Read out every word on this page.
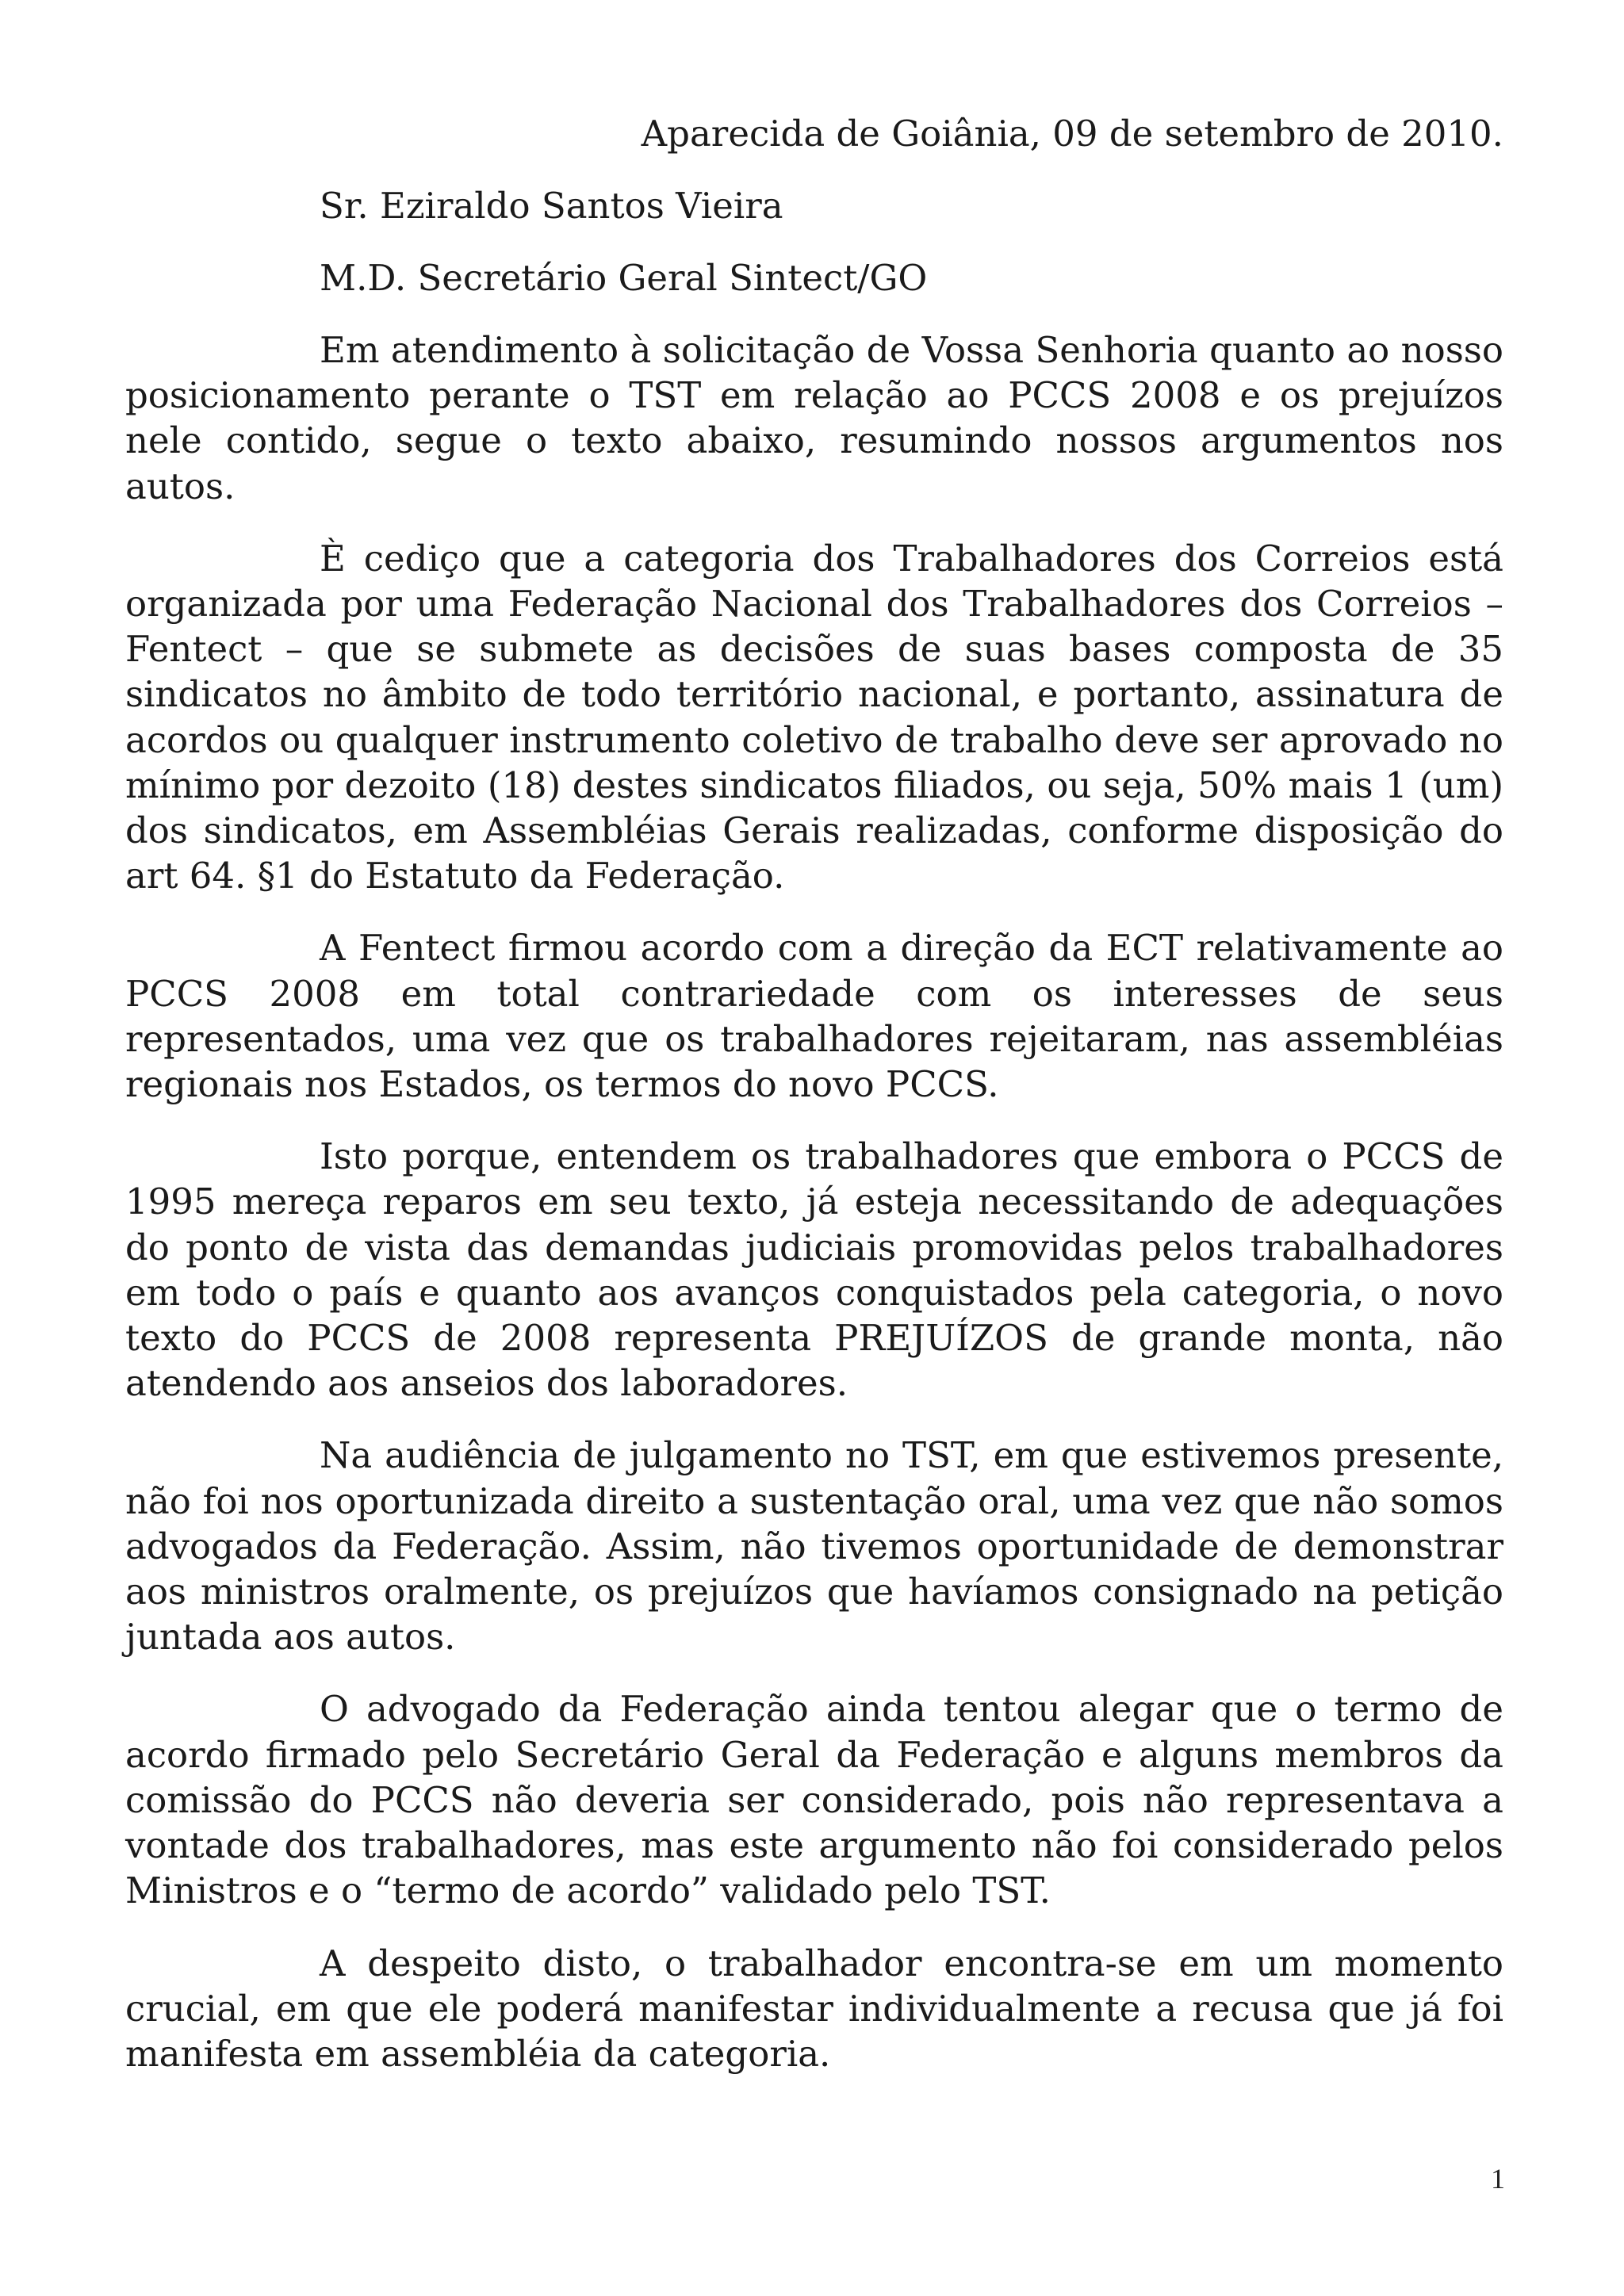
Aparecida de Goiânia, 09 de setembro de 2010.

Sr. Eziraldo Santos Vieira

M.D. Secretário Geral Sintect/GO

Em atendimento à solicitação de Vossa Senhoria quanto ao nosso posicionamento perante o TST em relação ao PCCS 2008 e os prejuízos nele contido, segue o texto abaixo, resumindo nossos argumentos nos autos.

È cediço que a categoria dos Trabalhadores dos Correios está organizada por uma Federação Nacional dos Trabalhadores dos Correios – Fentect – que se submete as decisões de suas bases composta de 35 sindicatos no âmbito de todo território nacional, e portanto, assinatura de acordos ou qualquer instrumento coletivo de trabalho deve ser aprovado no mínimo por dezoito (18) destes sindicatos filiados, ou seja, 50% mais 1 (um) dos sindicatos, em Assembléias Gerais realizadas, conforme disposição do art 64. §1 do Estatuto da Federação.

A Fentect firmou acordo com a direção da ECT relativamente ao PCCS 2008 em total contrariedade com os interesses de seus representados, uma vez que os trabalhadores rejeitaram, nas assembléias regionais nos Estados, os termos do novo PCCS.

Isto porque, entendem os trabalhadores que embora o PCCS de 1995 mereça reparos em seu texto, já esteja necessitando de adequações do ponto de vista das demandas judiciais promovidas pelos trabalhadores em todo o país e quanto aos avanços conquistados pela categoria, o novo texto do PCCS de 2008 representa PREJUÍZOS de grande monta, não atendendo aos anseios dos laboradores.

Na audiência de julgamento no TST, em que estivemos presente, não foi nos oportunizada direito a sustentação oral, uma vez que não somos advogados da Federação. Assim, não tivemos oportunidade de demonstrar aos ministros oralmente, os prejuízos que havíamos consignado na petição juntada aos autos.

O advogado da Federação ainda tentou alegar que o termo de acordo firmado pelo Secretário Geral da Federação e alguns membros da comissão do PCCS não deveria ser considerado, pois não representava a vontade dos trabalhadores, mas este argumento não foi considerado pelos Ministros e o “termo de acordo” validado pelo TST.

A despeito disto, o trabalhador encontra-se em um momento crucial, em que ele poderá manifestar individualmente a recusa que já foi manifesta em assembléia da categoria.

1
